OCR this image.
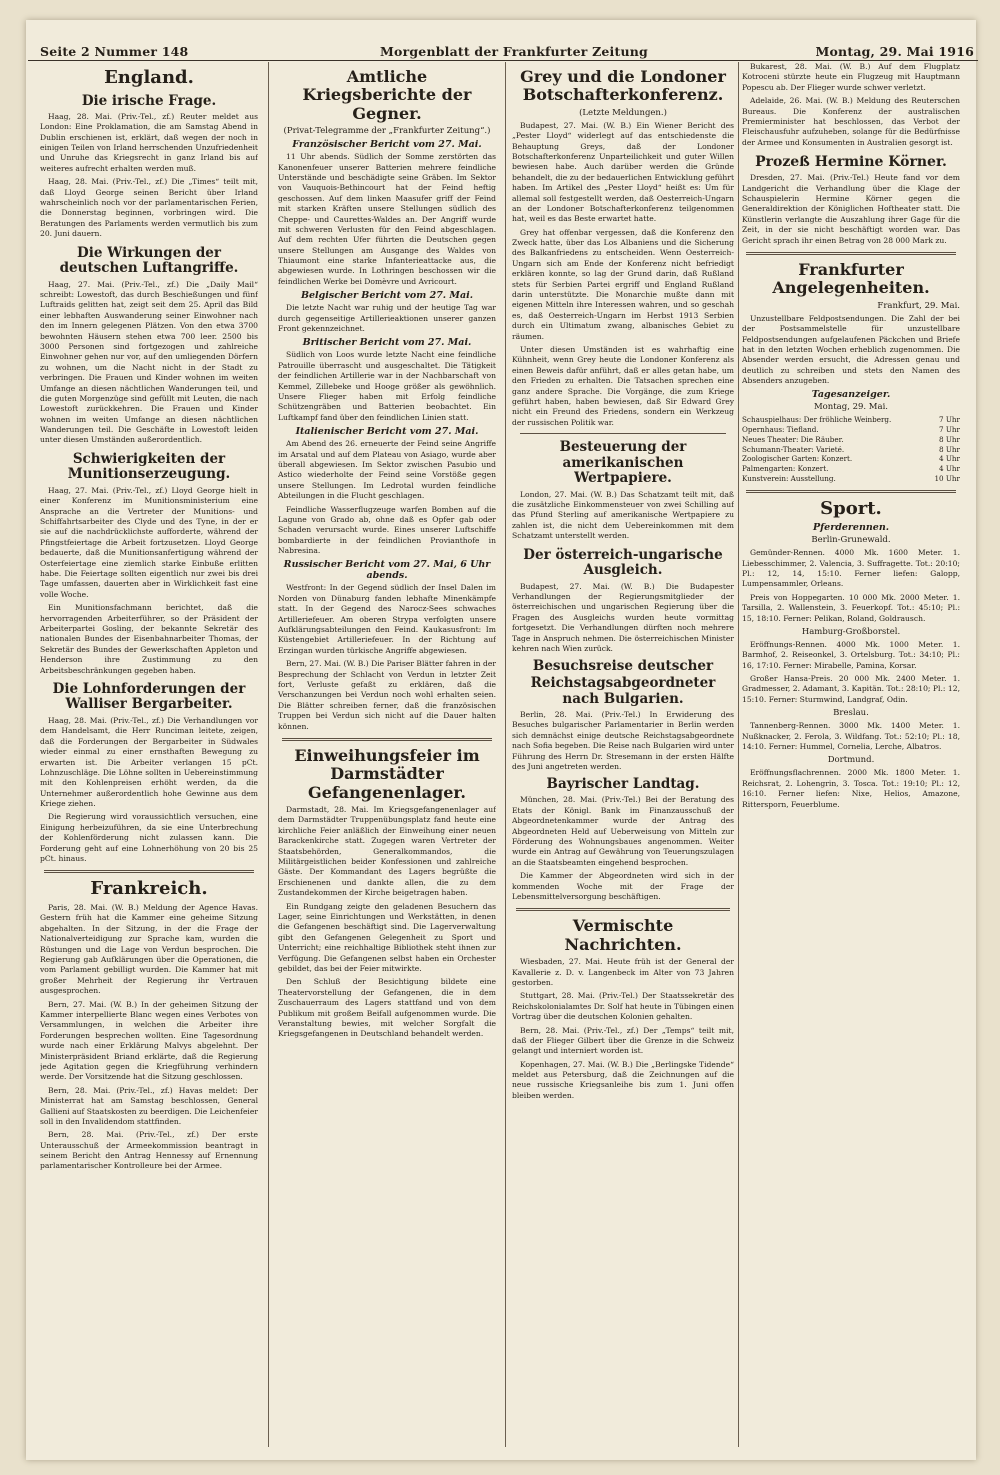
Seite 2 Nummer 148	Morgenblatt der Frankfurter Zeitung	Montag, 29. Mai 1916
England.
Die irische Frage.

Haag, 28. Mai. (Priv.-Tel., zf.) Reuter meldet aus London: Eine Proklamation, die am Samstag Abend in Dublin erschienen ist, erklärt, daß wegen der noch in einigen Teilen von Irland herrschenden Unzufriedenheit und Unruhe das Kriegsrecht in ganz Irland bis auf weiteres aufrecht erhalten werden muß.

Haag, 28. Mai. (Priv.-Tel., zf.) Die „Times“ teilt mit, daß Lloyd George seinen Bericht über Irland wahrscheinlich noch vor der parlamentarischen Ferien, die Donnerstag beginnen, vorbringen wird. Die Beratungen des Parlaments werden vermutlich bis zum 20. Juni dauern.

Die Wirkungen der deutschen Luftangriffe.

Haag, 27. Mai. (Priv.-Tel., zf.) Die „Daily Mail“ schreibt: Lowestoft, das durch Beschießungen und fünf Luftraids gelitten hat, zeigt seit dem 25. April das Bild einer lebhaften Auswanderung seiner Einwohner nach den im Innern gelegenen Plätzen. Von den etwa 3700 bewohnten Häusern stehen etwa 700 leer. 2500 bis 3000 Personen sind fortgezogen und zahlreiche Einwohner gehen nur vor, auf den umliegenden Dörfern zu wohnen, um die Nacht nicht in der Stadt zu verbringen. Die Frauen und Kinder wohnen im weiten Umfange an diesen nächtlichen Wanderungen teil, und die guten Morgenzüge sind gefüllt mit Leuten, die nach Lowestoft zurückkehren. Die Frauen und Kinder wohnen im weiten Umfange an diesen nächtlichen Wanderungen teil. Die Geschäfte in Lowestoft leiden unter diesen Umständen außerordentlich.

Schwierigkeiten der Munitionserzeugung.

Haag, 27. Mai. (Priv.-Tel., zf.) Lloyd George hielt in einer Konferenz im Munitionsministerium eine Ansprache an die Vertreter der Munitions- und Schiffahrtsarbeiter des Clyde und des Tyne, in der er sie auf die nachdrücklichste aufforderte, während der Pfingstfeiertage die Arbeit fortzusetzen. Lloyd George bedauerte, daß die Munitionsanfertigung während der Osterfeiertage eine ziemlich starke Einbuße erlitten habe. Die Feiertage sollten eigentlich nur zwei bis drei Tage umfassen, dauerten aber in Wirklichkeit fast eine volle Woche.

Ein Munitionsfachmann berichtet, daß die hervorragenden Arbeiterführer, so der Präsident der Arbeiterpartei Gosling, der bekannte Sekretär des nationalen Bundes der Eisenbahnarbeiter Thomas, der Sekretär des Bundes der Gewerkschaften Appleton und Henderson ihre Zustimmung zu den Arbeitsbeschränkungen gegeben haben.

Die Lohnforderungen der Walliser Bergarbeiter.

Haag, 28. Mai. (Priv.-Tel., zf.) Die Verhandlungen vor dem Handelsamt, die Herr Runciman leitete, zeigen, daß die Forderungen der Bergarbeiter in Südwales wieder einmal zu einer ernsthaften Bewegung zu erwarten ist. Die Arbeiter verlangen 15 pCt. Lohnzuschläge. Die Löhne sollten in Uebereinstimmung mit den Kohlenpreisen erhöht werden, da die Unternehmer außerordentlich hohe Gewinne aus dem Kriege ziehen.

Die Regierung wird voraussichtlich versuchen, eine Einigung herbeizuführen, da sie eine Unterbrechung der Kohlenförderung nicht zulassen kann. Die Forderung geht auf eine Lohnerhöhung von 20 bis 25 pCt. hinaus.

Frankreich.

Paris, 28. Mai. (W. B.) Meldung der Agence Havas. Gestern früh hat die Kammer eine geheime Sitzung abgehalten. In der Sitzung, in der die Frage der Nationalverteidigung zur Sprache kam, wurden die Rüstungen und die Lage von Verdun besprochen. Die Regierung gab Aufklärungen über die Operationen, die vom Parlament gebilligt wurden. Die Kammer hat mit großer Mehrheit der Regierung ihr Vertrauen ausgesprochen.

Bern, 27. Mai. (W. B.) In der geheimen Sitzung der Kammer interpellierte Blanc wegen eines Verbotes von Versammlungen, in welchen die Arbeiter ihre Forderungen besprechen wollten. Eine Tagesordnung wurde nach einer Erklärung Malvys abgelehnt. Der Ministerpräsident Briand erklärte, daß die Regierung jede Agitation gegen die Kriegführung verhindern werde. Der Vorsitzende hat die Sitzung geschlossen.

Bern, 28. Mai. (Priv.-Tel., zf.) Havas meldet: Der Ministerrat hat am Samstag beschlossen, General Gallieni auf Staatskosten zu beerdigen. Die Leichenfeier soll in den Invalidendom stattfinden.

Bern, 28. Mai. (Priv.-Tel., zf.) Der erste Unterausschuß der Armeekommission beantragt in seinem Bericht den Antrag Hennessy auf Ernennung parlamentarischer Kontrolleure bei der Armee.

Amtliche Kriegsberichte der Gegner.
(Privat-Telegramme der „Frankfurter Zeitung“.)
Französischer Bericht vom 27. Mai.

11 Uhr abends. Südlich der Somme zerstörten das Kanonenfeuer unserer Batterien mehrere feindliche Unterstände und beschädigte seine Gräben. Im Sektor von Vauquois-Bethincourt hat der Feind heftig geschossen. Auf dem linken Maasufer griff der Feind mit starken Kräften unsere Stellungen südlich des Cheppe- und Caurettes-Waldes an. Der Angriff wurde mit schweren Verlusten für den Feind abgeschlagen. Auf dem rechten Ufer führten die Deutschen gegen unsere Stellungen am Ausgange des Waldes von Thiaumont eine starke Infanterieattacke aus, die abgewiesen wurde. In Lothringen beschossen wir die feindlichen Werke bei Domèvre und Avricourt.

Belgischer Bericht vom 27. Mai.

Die letzte Nacht war ruhig und der heutige Tag war durch gegenseitige Artillerieaktionen unserer ganzen Front gekennzeichnet.

Britischer Bericht vom 27. Mai.

Südlich von Loos wurde letzte Nacht eine feindliche Patrouille überrascht und ausgeschaltet. Die Tätigkeit der feindlichen Artillerie war in der Nachbarschaft von Kemmel, Zillebeke und Hooge größer als gewöhnlich. Unsere Flieger haben mit Erfolg feindliche Schützengräben und Batterien beobachtet. Ein Luftkampf fand über den feindlichen Linien statt.

Italienischer Bericht vom 27. Mai.

Am Abend des 26. erneuerte der Feind seine Angriffe im Arsatal und auf dem Plateau von Asiago, wurde aber überall abgewiesen. Im Sektor zwischen Pasubio und Astico wiederholte der Feind seine Vorstöße gegen unsere Stellungen. Im Ledrotal wurden feindliche Abteilungen in die Flucht geschlagen.

Feindliche Wasserflugzeuge warfen Bomben auf die Lagune von Grado ab, ohne daß es Opfer gab oder Schaden verursacht wurde. Eines unserer Luftschiffe bombardierte in der feindlichen Provianthofe in Nabresina.

Russischer Bericht vom 27. Mai, 6 Uhr abends.

Westfront: In der Gegend südlich der Insel Dalen im Norden von Dünaburg fanden lebhafte Minenkämpfe statt. In der Gegend des Narocz-Sees schwaches Artilleriefeuer. Am oberen Strypa verfolgten unsere Aufklärungsabteilungen den Feind. Kaukasusfront: Im Küstengebiet Artilleriefeuer. In der Richtung auf Erzingan wurden türkische Angriffe abgewiesen.

Bern, 27. Mai. (W. B.) Die Pariser Blätter fahren in der Besprechung der Schlacht von Verdun in letzter Zeit fort, Verluste gefaßt zu erklären, daß die Verschanzungen bei Verdun noch wohl erhalten seien. Die Blätter schreiben ferner, daß die französischen Truppen bei Verdun sich nicht auf die Dauer halten können.

Einweihungsfeier im Darmstädter Gefangenenlager.

Darmstadt, 28. Mai. Im Kriegsgefangenenlager auf dem Darmstädter Truppenübungsplatz fand heute eine kirchliche Feier anläßlich der Einweihung einer neuen Barackenkirche statt. Zugegen waren Vertreter der Staatsbehörden, Generalkommandos, die Militärgeistlichen beider Konfessionen und zahlreiche Gäste. Der Kommandant des Lagers begrüßte die Erschienenen und dankte allen, die zu dem Zustandekommen der Kirche beigetragen haben.

Ein Rundgang zeigte den geladenen Besuchern das Lager, seine Einrichtungen und Werkstätten, in denen die Gefangenen beschäftigt sind. Die Lagerverwaltung gibt den Gefangenen Gelegenheit zu Sport und Unterricht; eine reichhaltige Bibliothek steht ihnen zur Verfügung. Die Gefangenen selbst haben ein Orchester gebildet, das bei der Feier mitwirkte.

Den Schluß der Besichtigung bildete eine Theatervorstellung der Gefangenen, die in dem Zuschauerraum des Lagers stattfand und von dem Publikum mit großem Beifall aufgenommen wurde. Die Veranstaltung bewies, mit welcher Sorgfalt die Kriegsgefangenen in Deutschland behandelt werden.

Grey und die Londoner Botschafterkonferenz.
(Letzte Meldungen.)

Budapest, 27. Mai. (W. B.) Ein Wiener Bericht des „Pester Lloyd“ widerlegt auf das entschiedenste die Behauptung Greys, daß der Londoner Botschafterkonferenz Unparteilichkeit und guter Willen bewiesen habe. Auch darüber werden die Gründe behandelt, die zu der bedauerlichen Entwicklung geführt haben. Im Artikel des „Pester Lloyd“ heißt es: Um für allemal soll festgestellt werden, daß Oesterreich-Ungarn an der Londoner Botschafterkonferenz teilgenommen hat, weil es das Beste erwartet hatte.

Grey hat offenbar vergessen, daß die Konferenz den Zweck hatte, über das Los Albaniens und die Sicherung des Balkanfriedens zu entscheiden. Wenn Oesterreich-Ungarn sich am Ende der Konferenz nicht befriedigt erklären konnte, so lag der Grund darin, daß Rußland stets für Serbien Partei ergriff und England Rußland darin unterstützte. Die Monarchie mußte dann mit eigenen Mitteln ihre Interessen wahren, und so geschah es, daß Oesterreich-Ungarn im Herbst 1913 Serbien durch ein Ultimatum zwang, albanisches Gebiet zu räumen.

Unter diesen Umständen ist es wahrhaftig eine Kühnheit, wenn Grey heute die Londoner Konferenz als einen Beweis dafür anführt, daß er alles getan habe, um den Frieden zu erhalten. Die Tatsachen sprechen eine ganz andere Sprache. Die Vorgänge, die zum Kriege geführt haben, haben bewiesen, daß Sir Edward Grey nicht ein Freund des Friedens, sondern ein Werkzeug der russischen Politik war.

Besteuerung der amerikanischen Wertpapiere.

London, 27. Mai. (W. B.) Das Schatzamt teilt mit, daß die zusätzliche Einkommensteuer von zwei Schilling auf das Pfund Sterling auf amerikanische Wertpapiere zu zahlen ist, die nicht dem Uebereinkommen mit dem Schatzamt unterstellt werden.

Der österreich-ungarische Ausgleich.

Budapest, 27. Mai. (W. B.) Die Budapester Verhandlungen der Regierungsmitglieder der österreichischen und ungarischen Regierung über die Fragen des Ausgleichs wurden heute vormittag fortgesetzt. Die Verhandlungen dürften noch mehrere Tage in Anspruch nehmen. Die österreichischen Minister kehren nach Wien zurück.

Besuchsreise deutscher Reichstagsabgeordneter nach Bulgarien.

Berlin, 28. Mai. (Priv.-Tel.) In Erwiderung des Besuches bulgarischer Parlamentarier in Berlin werden sich demnächst einige deutsche Reichstagsabgeordnete nach Sofia begeben. Die Reise nach Bulgarien wird unter Führung des Herrn Dr. Stresemann in der ersten Hälfte des Juni angetreten werden.

Bayrischer Landtag.

München, 28. Mai. (Priv.-Tel.) Bei der Beratung des Etats der Königl. Bank im Finanzausschuß der Abgeordnetenkammer wurde der Antrag des Abgeordneten Held auf Ueberweisung von Mitteln zur Förderung des Wohnungsbaues angenommen. Weiter wurde ein Antrag auf Gewährung von Teuerungszulagen an die Staatsbeamten eingehend besprochen.

Die Kammer der Abgeordneten wird sich in der kommenden Woche mit der Frage der Lebensmittelversorgung beschäftigen.

Vermischte Nachrichten.

Wiesbaden, 27. Mai. Heute früh ist der General der Kavallerie z. D. v. Langenbeck im Alter von 73 Jahren gestorben.

Stuttgart, 28. Mai. (Priv.-Tel.) Der Staatssekretär des Reichskolonialamtes Dr. Solf hat heute in Tübingen einen Vortrag über die deutschen Kolonien gehalten.

Bern, 28. Mai. (Priv.-Tel., zf.) Der „Temps“ teilt mit, daß der Flieger Gilbert über die Grenze in die Schweiz gelangt und interniert worden ist.

Kopenhagen, 27. Mai. (W. B.) Die „Berlingske Tidende“ meldet aus Petersburg, daß die Zeichnungen auf die neue russische Kriegsanleihe bis zum 1. Juni offen bleiben werden.

Bukarest, 28. Mai. (W. B.) Auf dem Flugplatz Kotroceni stürzte heute ein Flugzeug mit Hauptmann Popescu ab. Der Flieger wurde schwer verletzt.

Adelaide, 26. Mai. (W. B.) Meldung des Reuterschen Bureaus. Die Konferenz der australischen Premierminister hat beschlossen, das Verbot der Fleischausfuhr aufzuheben, solange für die Bedürfnisse der Armee und Konsumenten in Australien gesorgt ist.

Prozeß Hermine Körner.

Dresden, 27. Mai. (Priv.-Tel.) Heute fand vor dem Landgericht die Verhandlung über die Klage der Schauspielerin Hermine Körner gegen die Generaldirektion der Königlichen Hoftheater statt. Die Künstlerin verlangte die Auszahlung ihrer Gage für die Zeit, in der sie nicht beschäftigt worden war. Das Gericht sprach ihr einen Betrag von 28 000 Mark zu.

Frankfurter Angelegenheiten.
Frankfurt, 29. Mai.

Unzustellbare Feldpostsendungen. Die Zahl der bei der Postsammelstelle für unzustellbare Feldpostsendungen aufgelaufenen Päckchen und Briefe hat in den letzten Wochen erheblich zugenommen. Die Absender werden ersucht, die Adressen genau und deutlich zu schreiben und stets den Namen des Absenders anzugeben.

Tagesanzeiger.
Montag, 29. Mai.
Schauspielhaus: Der fröhliche Weinberg.	7 Uhr
Opernhaus: Tiefland.	7 Uhr
Neues Theater: Die Räuber.	8 Uhr
Schumann-Theater: Varieté.	8 Uhr
Zoologischer Garten: Konzert.	4 Uhr
Palmengarten: Konzert.	4 Uhr
Kunstverein: Ausstellung.	10 Uhr
Sport.
Pferderennen.
Berlin-Grunewald.

Gemünder-Rennen. 4000 Mk. 1600 Meter. 1. Liebesschimmer, 2. Valencia, 3. Suffragette. Tot.: 20:10; Pl.: 12, 14, 15:10. Ferner liefen: Galopp, Lumpensammler, Orleans.

Preis von Hoppegarten. 10 000 Mk. 2000 Meter. 1. Tarsilla, 2. Wallenstein, 3. Feuerkopf. Tot.: 45:10; Pl.: 15, 18:10. Ferner: Pelikan, Roland, Goldrausch.

Hamburg-Großborstel.

Eröffnungs-Rennen. 4000 Mk. 1000 Meter. 1. Barmhof, 2. Reiseonkel, 3. Ortelsburg. Tot.: 34:10; Pl.: 16, 17:10. Ferner: Mirabelle, Pamina, Korsar.

Großer Hansa-Preis. 20 000 Mk. 2400 Meter. 1. Gradmesser, 2. Adamant, 3. Kapitän. Tot.: 28:10; Pl.: 12, 15:10. Ferner: Sturmwind, Landgraf, Odin.

Breslau.

Tannenberg-Rennen. 3000 Mk. 1400 Meter. 1. Nußknacker, 2. Ferola, 3. Wildfang. Tot.: 52:10; Pl.: 18, 14:10. Ferner: Hummel, Cornelia, Lerche, Albatros.

Dortmund.

Eröffnungsflachrennen. 2000 Mk. 1800 Meter. 1. Reichsrat, 2. Lohengrin, 3. Tosca. Tot.: 19:10; Pl.: 12, 16:10. Ferner liefen: Nixe, Helios, Amazone, Rittersporn, Feuerblume.
